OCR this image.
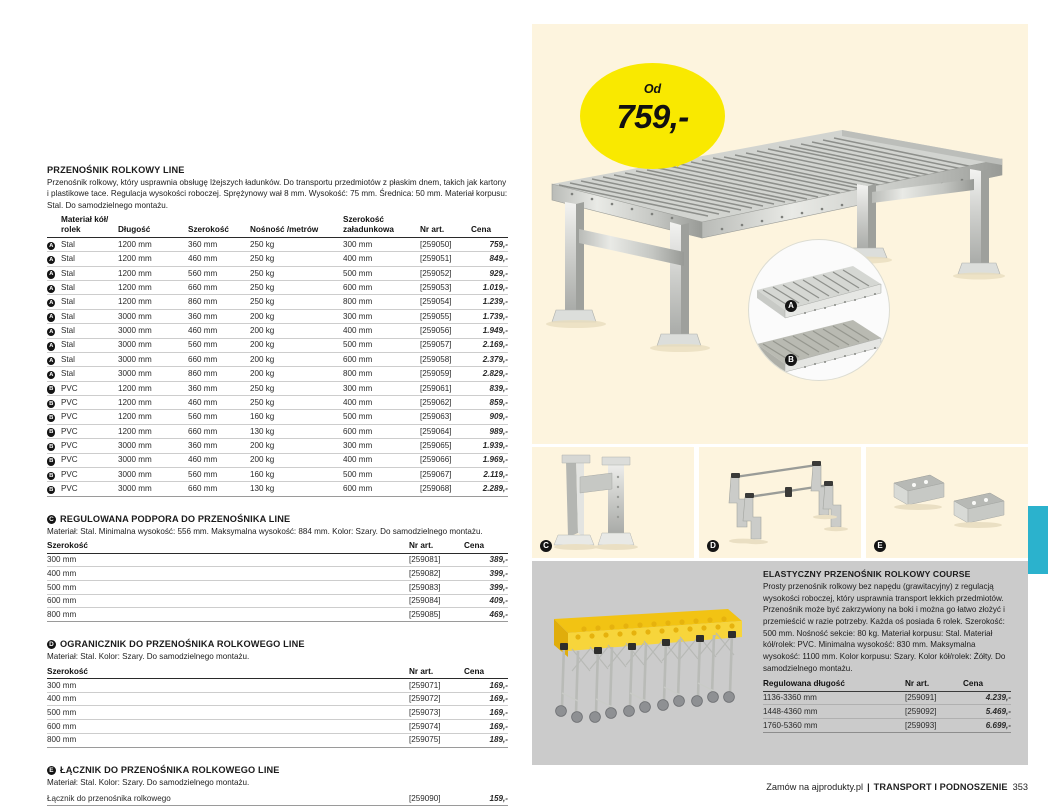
PRZENOŚNIK ROLKOWY LINE
Przenośnik rolkowy, który usprawnia obsługę lżejszych ładunków. Do transportu przedmiotów z płaskim dnem, takich jak kartony i plastikowe tace. Regulacja wysokości roboczej. Sprężynowy wał 8 mm. Wysokość: 75 mm. Średnica: 50 mm. Materiał korpusu: Stal. Do samodzielnego montażu.
	Materiał kół/
rolek	Długość	Szerokość	Nośność /metrów	Szerokość
załadunkowa	Nr art.	Cena
A	Stal	1200 mm	360 mm	250 kg	300 mm	[259050]	759,-
A	Stal	1200 mm	460 mm	250 kg	400 mm	[259051]	849,-
A	Stal	1200 mm	560 mm	250 kg	500 mm	[259052]	929,-
A	Stal	1200 mm	660 mm	250 kg	600 mm	[259053]	1.019,-
A	Stal	1200 mm	860 mm	250 kg	800 mm	[259054]	1.239,-
A	Stal	3000 mm	360 mm	200 kg	300 mm	[259055]	1.739,-
A	Stal	3000 mm	460 mm	200 kg	400 mm	[259056]	1.949,-
A	Stal	3000 mm	560 mm	200 kg	500 mm	[259057]	2.169,-
A	Stal	3000 mm	660 mm	200 kg	600 mm	[259058]	2.379,-
A	Stal	3000 mm	860 mm	200 kg	800 mm	[259059]	2.829,-
B	PVC	1200 mm	360 mm	250 kg	300 mm	[259061]	839,-
B	PVC	1200 mm	460 mm	250 kg	400 mm	[259062]	859,-
B	PVC	1200 mm	560 mm	160 kg	500 mm	[259063]	909,-
B	PVC	1200 mm	660 mm	130 kg	600 mm	[259064]	989,-
B	PVC	3000 mm	360 mm	200 kg	300 mm	[259065]	1.939,-
B	PVC	3000 mm	460 mm	200 kg	400 mm	[259066]	1.969,-
B	PVC	3000 mm	560 mm	160 kg	500 mm	[259067]	2.119,-
B	PVC	3000 mm	660 mm	130 kg	600 mm	[259068]	2.289,-
C REGULOWANA PODPORA DO PRZENOŚNIKA LINE
Materiał: Stal. Minimalna wysokość: 556 mm. Maksymalna wysokość: 884 mm. Kolor: Szary. Do samodzielnego montażu.
Szerokość	Nr art.	Cena
300 mm	[259081]	389,-
400 mm	[259082]	399,-
500 mm	[259083]	399,-
600 mm	[259084]	409,-
800 mm	[259085]	469,-
D OGRANICZNIK DO PRZENOŚNIKA ROLKOWEGO LINE
Materiał: Stal. Kolor: Szary. Do samodzielnego montażu.
Szerokość	Nr art.	Cena
300 mm	[259071]	169,-
400 mm	[259072]	169,-
500 mm	[259073]	169,-
600 mm	[259074]	169,-
800 mm	[259075]	189,-
E ŁĄCZNIK DO PRZENOŚNIKA ROLKOWEGO LINE
Materiał: Stal. Kolor: Szary. Do samodzielnego montażu.
Łącznik do przenośnika rolkowego	[259090]	159,-
A
B
Od
759,-
C	D	E
ELASTYCZNY PRZENOŚNIK ROLKOWY COURSE
Prosty przenośnik rolkowy bez napędu (grawitacyjny) z regulacją wysokości roboczej, który usprawnia transport lekkich przedmiotów. Przenośnik może być zakrzywiony na boki i można go łatwo złożyć i przemieścić w razie potrzeby. Każda oś posiada 6 rolek. Szerokość: 500 mm. Nośność sekcie: 80 kg. Materiał korpusu: Stal. Materiał kół/rolek: PVC. Minimalna wysokość: 830 mm. Maksymalna wysokość: 1100 mm. Kolor korpusu: Szary. Kolor kół/rolek: Żółty. Do samodzielnego montażu.
Regulowana długość	Nr art.	Cena
1136-3360 mm	[259091]	4.239,-
1448-4360 mm	[259092]	5.469,-
1760-5360 mm	[259093]	6.699,-
Zamów na ajprodukty.pl | TRANSPORT I PODNOSZENIE 353
